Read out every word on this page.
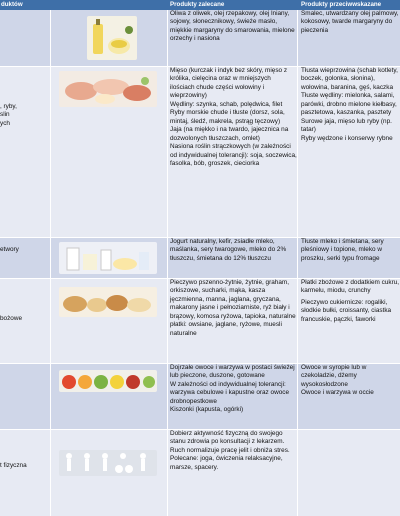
duktów	Produkty zalecane	Produkty przeciwwskazane
Oliwa z oliwek, olej rzepakowy, olej lniany, sojowy, słonecznikowy, świeże masło, miękkie margaryny do smarowania, mielone orzechy i nasiona
Smalec, utwardzany olej palmowy, kokosowy, twarde margaryny do pieczenia
, ryby,
slin
ych
Mięso (kurczak i indyk bez skóry, mięso z królika, cielęcina oraz w mniejszych ilościach chude części wołowiny i wieprzowiny)
Wędliny: szynka, schab, polędwica, filet
Ryby morskie chude i tłuste (dorsz, sola, mintaj, śledź, makrela, pstrąg tęczowy)
Jaja (na miękko i na twardo, jajecznica na dozwolonych tłuszczach, omlet)
Nasiona roślin strączkowych (w zależności od indywidualnej tolerancji): soja, soczewica, fasolka, bób, groszek, cieciorka
Tłusta wieprzowina (schab kotlety, boczek, golonka, słonina), wołowina, baranina, gęś, kaczka
Tłuste wędliny: mielonka, salami, parówki, drobno mielone kiełbasy, pasztetowa, kaszanka, pasztety
Surowe jaja, mięso lub ryby (np. tatar)
Ryby wędzone i konserwy rybne
etwory
Jogurt naturalny, kefir, zsiadłe mleko, maślanka, sery twarogowe, mleko do 2% tłuszczu, śmietana do 12% tłuszczu
Tłuste mleko i śmietana, sery pleśniowy i topione, mleko w proszku, serki typu fromage
bożowe
Pieczywo pszenno-żytnie, żytnie, graham, orkiszowe, sucharki, mąka, kasza jęczmienna, manna, jaglana, gryczana, makarony jasne i pełnoziarniste, ryż biały i brązowy, komosa ryżowa, tapioka, naturalne płatki: owsiane, jaglane, ryżowe, muesli naturalne
Płatki zbożowe z dodatkiem cukru, karmelu, miodu, crunchy
Pieczywo cukiernicze: rogaliki, słodkie bułki, croissanty, ciastka francuskie, pączki, faworki
Dojrzałe owoce i warzywa w postaci świeżej lub pieczone, duszone, gotowane
W zależności od indywidualnej tolerancji: warzywa cebulowe i kapustne oraz owoce drobnopestkowe
Kiszonki (kapusta, ogórki)
Owoce w syropie lub w czekoladzie, dżemy wysokosłodzone
Owoce i warzywa w occie
t fizyczna
Dobierz aktywność fizyczną do swojego stanu zdrowia po konsultacji z lekarzem. Ruch normalizuje pracę jelit i obniża stres. Polecane: joga, ćwiczenia relaksacyjne, marsze, spacery.
